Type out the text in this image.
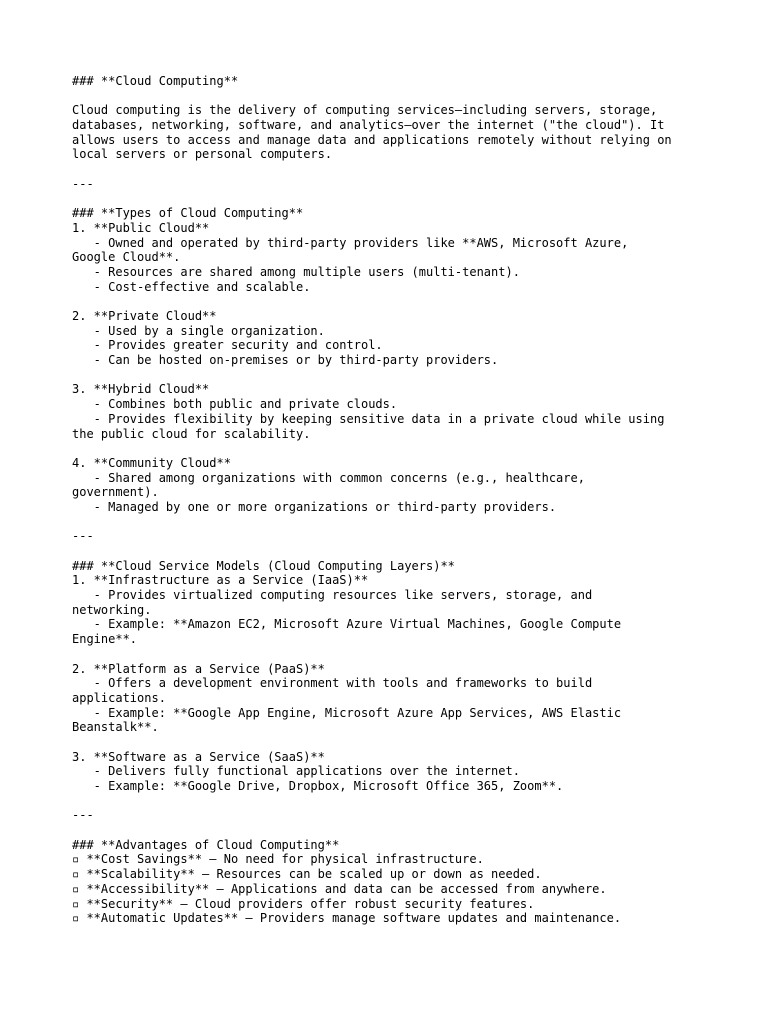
### **Cloud Computing**
Cloud computing is the delivery of computing services—including servers, storage,
databases, networking, software, and analytics—over the internet ("the cloud"). It
allows users to access and manage data and applications remotely without relying on
local servers or personal computers.
---
### **Types of Cloud Computing**
1. **Public Cloud**
- Owned and operated by third-party providers like **AWS, Microsoft Azure,
Google Cloud**.
- Resources are shared among multiple users (multi-tenant).
- Cost-effective and scalable.
2. **Private Cloud**
- Used by a single organization.
- Provides greater security and control.
- Can be hosted on-premises or by third-party providers.
3. **Hybrid Cloud**
- Combines both public and private clouds.
- Provides flexibility by keeping sensitive data in a private cloud while using
the public cloud for scalability.
4. **Community Cloud**
- Shared among organizations with common concerns (e.g., healthcare,
government).
- Managed by one or more organizations or third-party providers.
---
### **Cloud Service Models (Cloud Computing Layers)**
1. **Infrastructure as a Service (IaaS)**
- Provides virtualized computing resources like servers, storage, and
networking.
- Example: **Amazon EC2, Microsoft Azure Virtual Machines, Google Compute
Engine**.
2. **Platform as a Service (PaaS)**
- Offers a development environment with tools and frameworks to build
applications.
- Example: **Google App Engine, Microsoft Azure App Services, AWS Elastic
Beanstalk**.
3. **Software as a Service (SaaS)**
- Delivers fully functional applications over the internet.
- Example: **Google Drive, Dropbox, Microsoft Office 365, Zoom**.
---
### **Advantages of Cloud Computing**
▫ **Cost Savings** – No need for physical infrastructure.
▫ **Scalability** – Resources can be scaled up or down as needed.
▫ **Accessibility** – Applications and data can be accessed from anywhere.
▫ **Security** – Cloud providers offer robust security features.
▫ **Automatic Updates** – Providers manage software updates and maintenance.
